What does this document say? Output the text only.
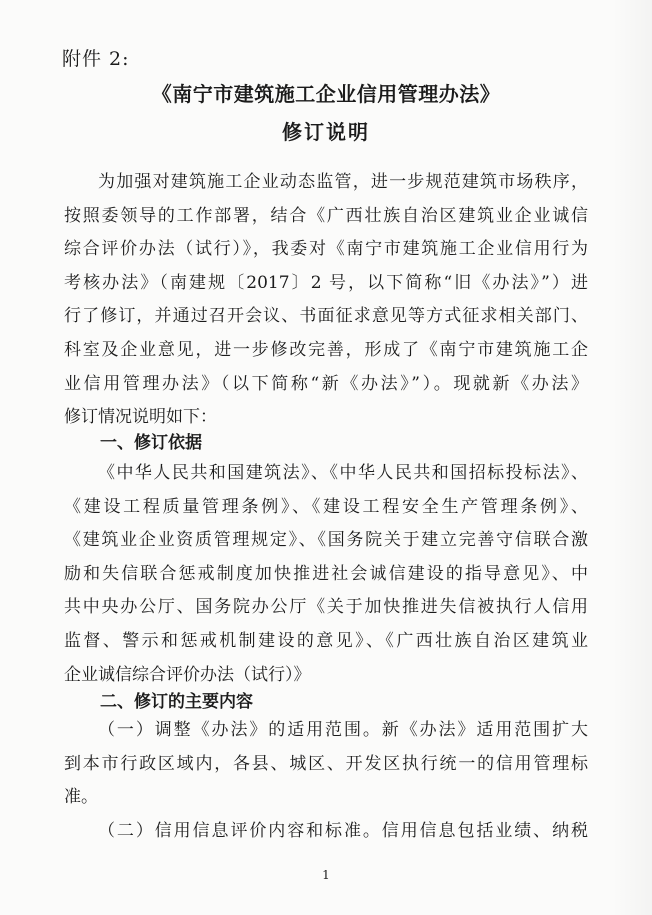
附件 2:
《南宁市建筑施工企业信用管理办法》
修订说明
为加强对建筑施工企业动态监管，进一步规范建筑市场秩序，
按照委领导的工作部署，结合《广西壮族自治区建筑业企业诚信
综合评价办法（试行）》，我委对《南宁市建筑施工企业信用行为
考核办法》（南建规〔2017〕2 号，以下简称“旧《办法》”）进
行了修订，并通过召开会议、书面征求意见等方式征求相关部门、
科室及企业意见，进一步修改完善，形成了《南宁市建筑施工企
业信用管理办法》（以下简称“新《办法》”）。现就新《办法》
修订情况说明如下：
一、修订依据
《中华人民共和国建筑法》、《中华人民共和国招标投标法》、
《建设工程质量管理条例》、《建设工程安全生产管理条例》、
《建筑业企业资质管理规定》、《国务院关于建立完善守信联合激
励和失信联合惩戒制度加快推进社会诚信建设的指导意见》、中
共中央办公厅、国务院办公厅《关于加快推进失信被执行人信用
监督、警示和惩戒机制建设的意见》、《广西壮族自治区建筑业
企业诚信综合评价办法（试行）》
二、修订的主要内容
（一）调整《办法》的适用范围。新《办法》适用范围扩大
到本市行政区域内，各县、城区、开发区执行统一的信用管理标
准。
（二）信用信息评价内容和标准。信用信息包括业绩、纳税
1
